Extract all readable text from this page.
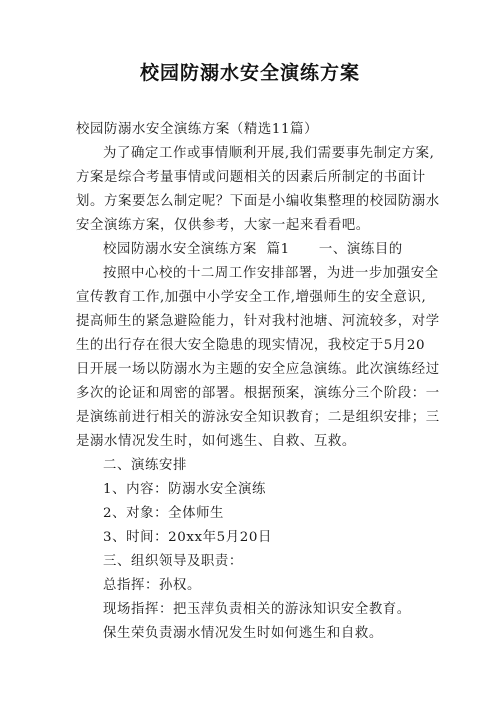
校园防溺水安全演练方案
校园防溺水安全演练方案（精选11篇）
为了确定工作或事情顺利开展,我们需要事先制定方案,
方案是综合考量事情或问题相关的因素后所制定的书面计
划。方案要怎么制定呢？下面是小编收集整理的校园防溺水
安全演练方案，仅供参考，大家一起来看看吧。
校园防溺水安全演练方案  篇1      一、演练目的
按照中心校的十二周工作安排部署，为进一步加强安全
宣传教育工作,加强中小学安全工作,增强师生的安全意识,
提高师生的紧急避险能力，针对我村池塘、河流较多，对学
生的出行存在很大安全隐患的现实情况，我校定于5月20
日开展一场以防溺水为主题的安全应急演练。此次演练经过
多次的论证和周密的部署。根据预案，演练分三个阶段：一
是演练前进行相关的游泳安全知识教育；二是组织安排；三
是溺水情况发生时，如何逃生、自救、互救。
二、演练安排
1、内容：防溺水安全演练
2、对象：全体师生
3、时间：20xx年5月20日
三、组织领导及职责：
总指挥：孙权。
现场指挥：把玉萍负责相关的游泳知识安全教育。
保生荣负责溺水情况发生时如何逃生和自救。
